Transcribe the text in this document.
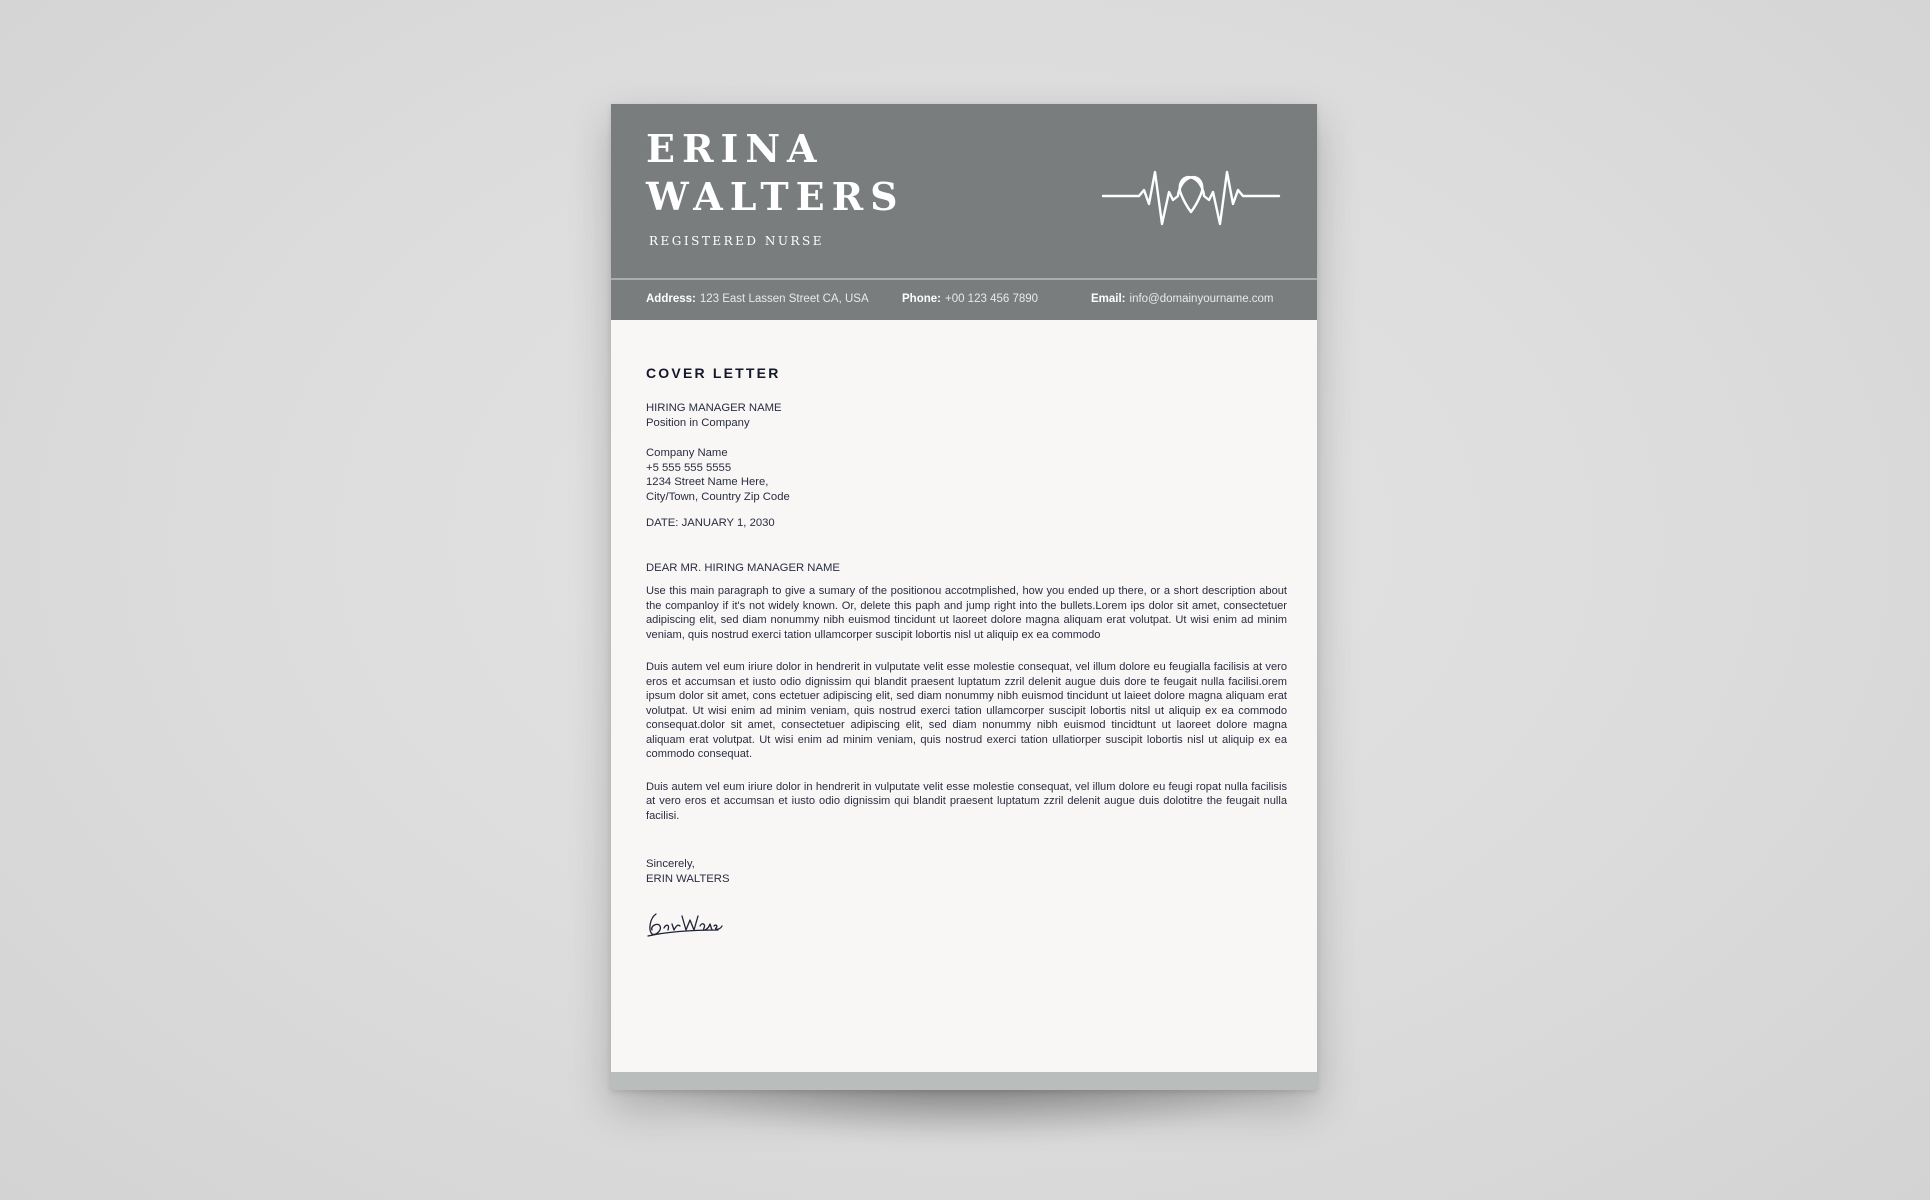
ERINA
WALTERS
REGISTERED NURSE
Address: 123 East Lassen Street CA, USA	Phone: +00 123 456 7890	Email: info@domainyourname.com
COVER LETTER
HIRING MANAGER NAME
Position in Company
Company Name
+5 555 555 5555
1234 Street Name Here,
City/Town, Country Zip Code
DATE: JANUARY 1, 2030
DEAR MR. HIRING MANAGER NAME

Use this main paragraph to give a sumary of the positionou accotmplished, how you ended up there, or a short description about the companloy if it's not widely known. Or, delete this paph and jump right into the bullets.Lorem ips dolor sit amet, consectetuer adipiscing elit, sed diam nonummy nibh euismod tincidunt ut laoreet dolore magna aliquam erat volutpat. Ut wisi enim ad minim veniam, quis nostrud exerci tation ullamcorper suscipit lobortis nisl ut aliquip ex ea commodo

Duis autem vel eum iriure dolor in hendrerit in vulputate velit esse molestie consequat, vel illum dolore eu feugialla facilisis at vero eros et accumsan et iusto odio dignissim qui blandit praesent luptatum zzril delenit augue duis dore te feugait nulla facilisi.orem ipsum dolor sit amet, cons ectetuer adipiscing elit, sed diam nonummy nibh euismod tincidunt ut laieet dolore magna aliquam erat volutpat. Ut wisi enim ad minim veniam, quis nostrud exerci tation ullamcorper suscipit lobortis nitsl ut aliquip ex ea commodo consequat.dolor sit amet, consectetuer adipiscing elit, sed diam nonummy nibh euismod tincidtunt ut laoreet dolore magna aliquam erat volutpat. Ut wisi enim ad minim veniam, quis nostrud exerci tation ullatiorper suscipit lobortis nisl ut aliquip ex ea commodo consequat.

Duis autem vel eum iriure dolor in hendrerit in vulputate velit esse molestie consequat, vel illum dolore eu feugi ropat nulla facilisis at vero eros et accumsan et iusto odio dignissim qui blandit praesent luptatum zzril delenit augue duis dolotitre the feugait nulla facilisi.

Sincerely,
ERIN WALTERS
